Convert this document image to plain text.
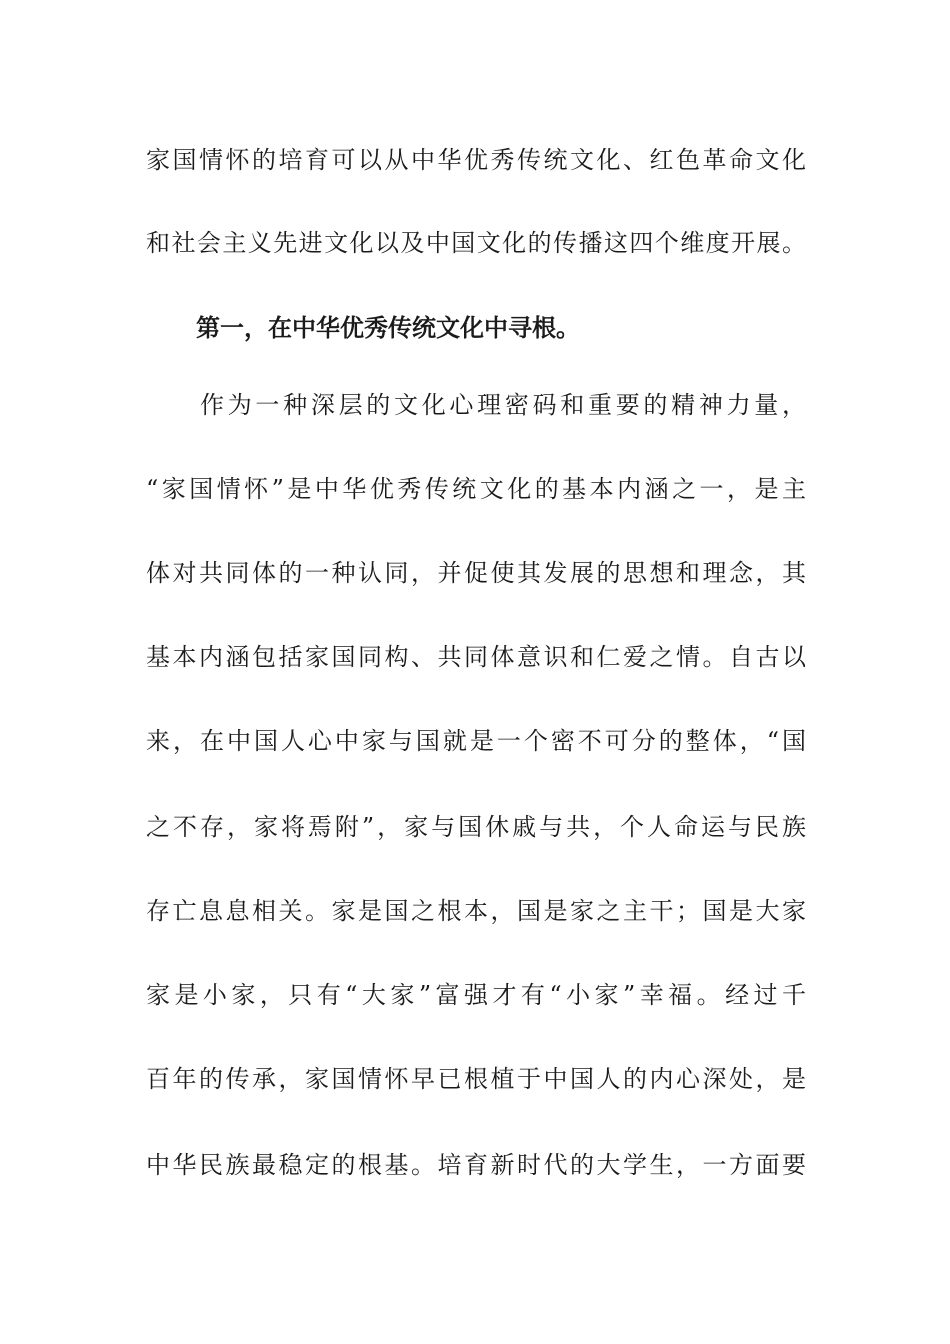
家国情怀的培育可以从中华优秀传统文化、红色革命文化
和社会主义先进文化以及中国文化的传播这四个维度开展。
第一，在中华优秀传统文化中寻根。
作为一种深层的文化心理密码和重要的精神力量，
“家国情怀”是中华优秀传统文化的基本内涵之一，是主
体对共同体的一种认同，并促使其发展的思想和理念，其
基本内涵包括家国同构、共同体意识和仁爱之情。自古以
来，在中国人心中家与国就是一个密不可分的整体，“国
之不存，家将焉附”，家与国休戚与共，个人命运与民族
存亡息息相关。家是国之根本，国是家之主干；国是大家
家是小家，只有“大家”富强才有“小家”幸福。经过千
百年的传承，家国情怀早已根植于中国人的内心深处，是
中华民族最稳定的根基。培育新时代的大学生，一方面要
